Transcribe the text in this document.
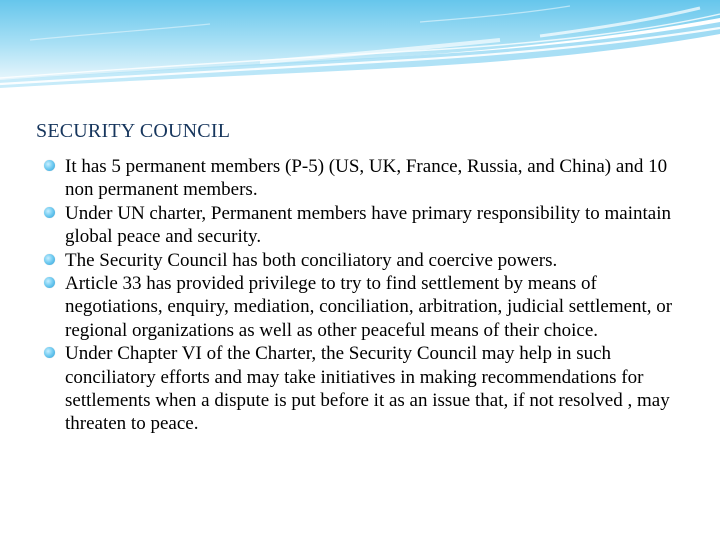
SECURITY COUNCIL
It has 5 permanent members (P-5) (US, UK, France, Russia, and China) and 10 non permanent members.
Under UN charter, Permanent members have primary responsibility to maintain global peace and security.
The Security Council has both conciliatory and coercive powers.
Article 33 has provided privilege to try to find settlement by means of negotiations, enquiry, mediation, conciliation, arbitration, judicial settlement, or regional organizations as well as other peaceful means of their choice.
Under Chapter VI of the Charter, the Security Council may help in such conciliatory efforts and may take initiatives in making recommendations for settlements when a dispute is put before it as an issue that, if not resolved , may threaten to peace.
